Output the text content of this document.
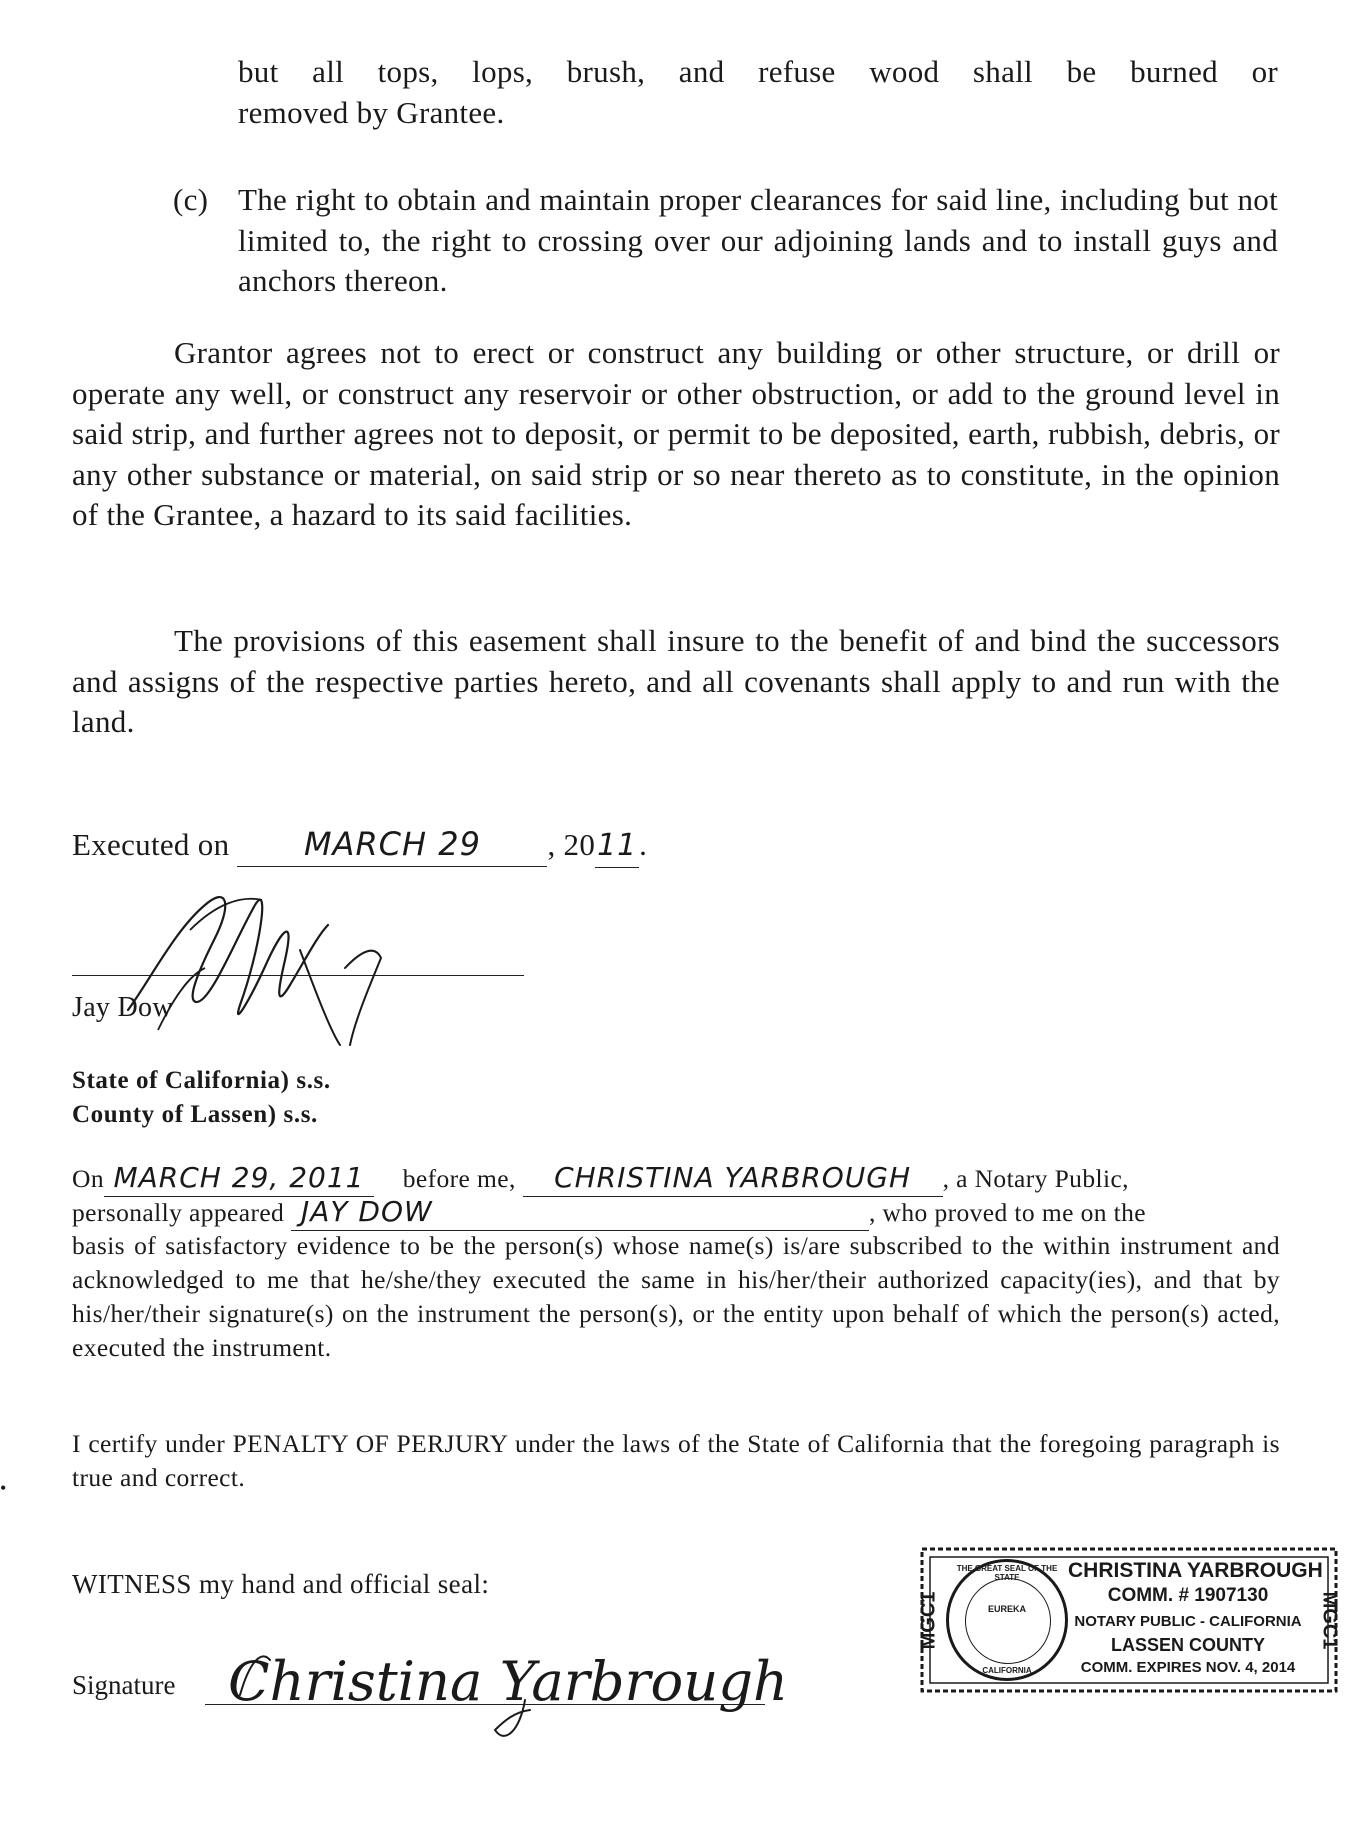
but all tops, lops, brush, and refuse wood shall be burned or
removed by Grantee.
(c) The right to obtain and maintain proper clearances for said line, including but not limited to, the right to crossing over our adjoining lands and to install guys and anchors thereon.
Grantor agrees not to erect or construct any building or other structure, or drill or operate any well, or construct any reservoir or other obstruction, or add to the ground level in said strip, and further agrees not to deposit, or permit to be deposited, earth, rubbish, debris, or any other substance or material, on said strip or so near thereto as to constitute, in the opinion of the Grantee, a hazard to its said facilities.
The provisions of this easement shall insure to the benefit of and bind the successors and assigns of the respective parties hereto, and all covenants shall apply to and run with the land.
Executed on MARCH 29 , 2011.
Jay Dow
State of California) s.s.
County of Lassen) s.s.
On MARCH 29, 2011 before me, CHRISTINA YARBROUGH , a Notary Public,
personally appeared JAY DOW	, who proved to me on the
basis of satisfactory evidence to be the person(s) whose name(s) is/are subscribed to the within instrument and acknowledged to me that he/she/they executed the same in his/her/their authorized capacity(ies), and that by his/her/their signature(s) on the instrument the person(s), or the entity upon behalf of which the person(s) acted, executed the instrument.
I certify under PENALTY OF PERJURY under the laws of the State of California that the foregoing paragraph is true and correct.
WITNESS my hand and official seal:
Signature Christina Yarbrough
THE GREAT SEAL OF THE STATE
EUREKA
CALIFORNIA
MGC1	MGC1
CHRISTINA YARBROUGH
COMM. # 1907130
NOTARY PUBLIC - CALIFORNIA
LASSEN COUNTY
COMM. EXPIRES NOV. 4, 2014
•
